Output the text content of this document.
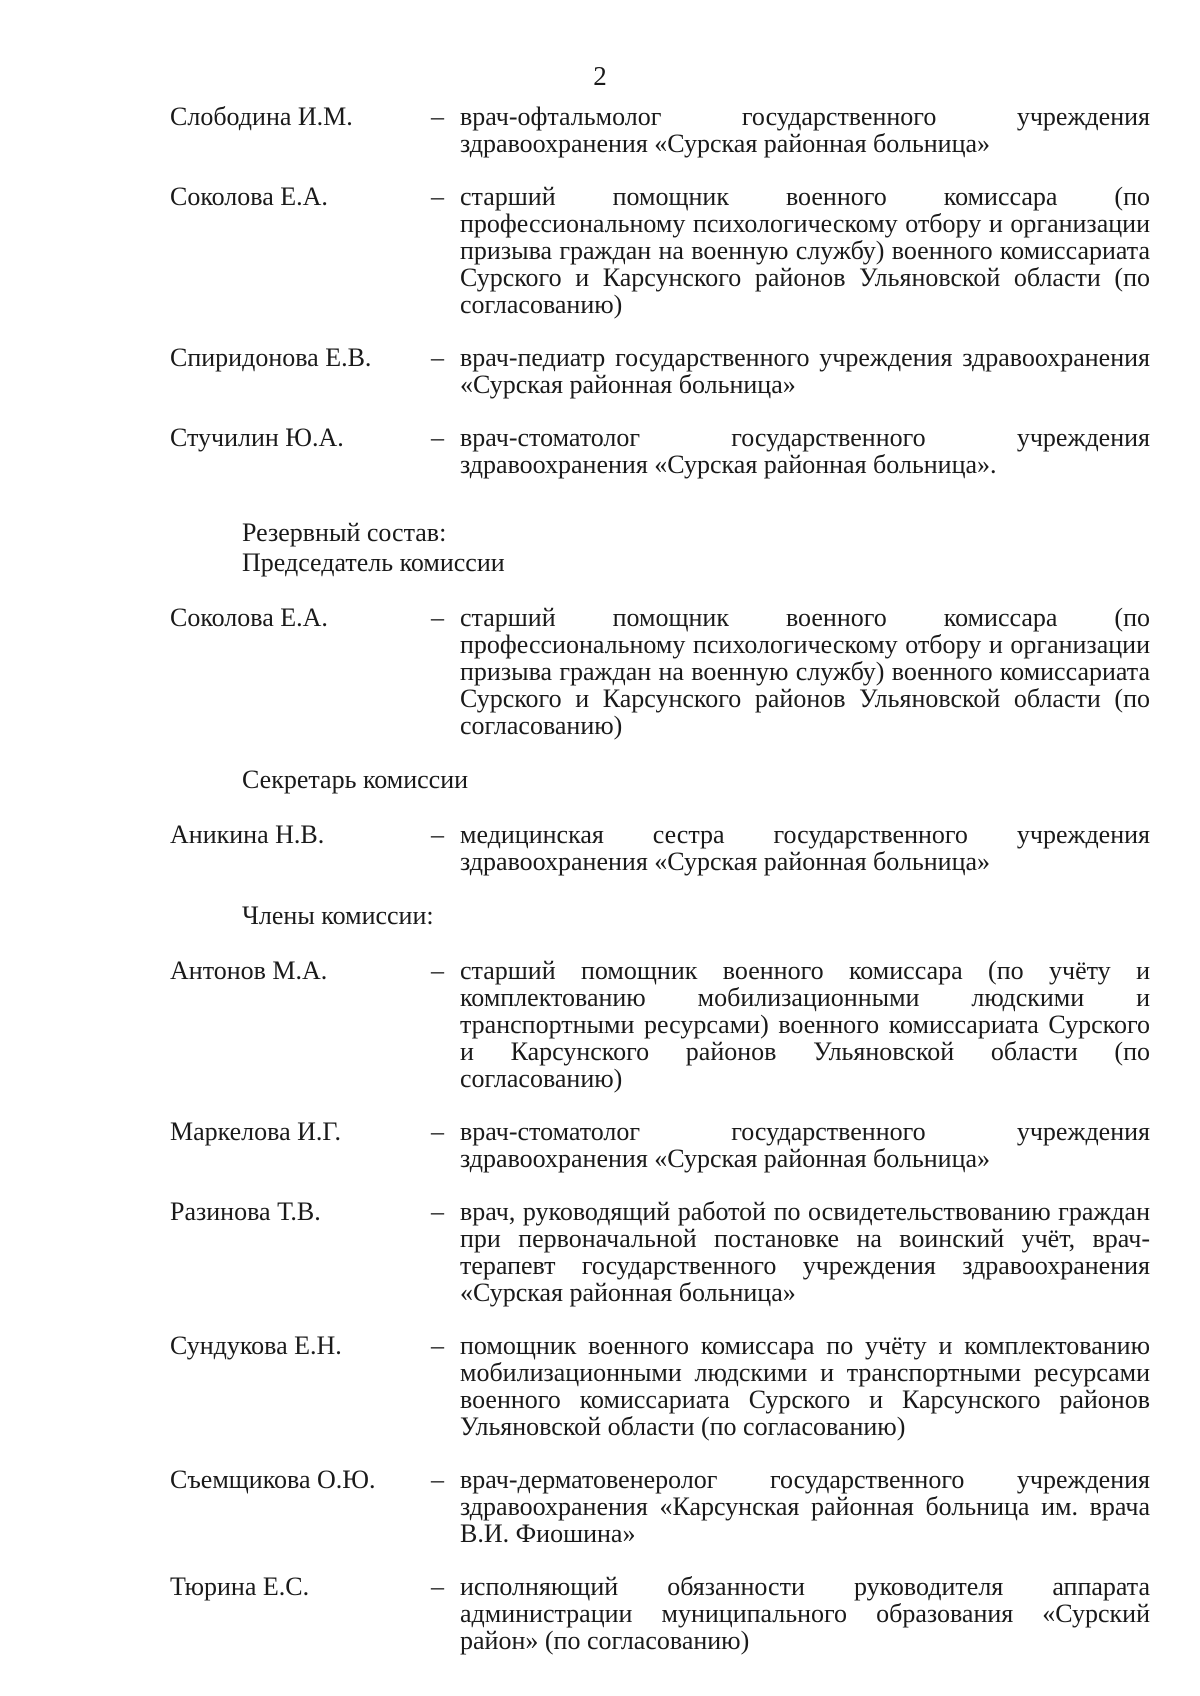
2
Слободина И.М.	– врач-офтальмолог государственного учреждения здравоохранения «Сурская районная больница»
Соколова Е.А.	– старший помощник военного комиссара (по профессиональному психологическому отбору и организации призыва граждан на военную службу) военного комиссариата Сурского и Карсунского районов Ульяновской области (по согласованию)
Спиридонова Е.В.	– врач-педиатр государственного учреждения здравоохранения «Сурская районная больница»
Стучилин Ю.А.	– врач-стоматолог государственного учреждения здравоохранения «Сурская районная больница».
Резервный состав:
Председатель комиссии
Соколова Е.А.	– старший помощник военного комиссара (по профессиональному психологическому отбору и организации призыва граждан на военную службу) военного комиссариата Сурского и Карсунского районов Ульяновской области (по согласованию)
Секретарь комиссии
Аникина Н.В.	– медицинская сестра государственного учреждения здравоохранения «Сурская районная больница»
Члены комиссии:
Антонов М.А.	– старший помощник военного комиссара (по учёту и комплектованию мобилизационными людскими и транспортными ресурсами) военного комиссариата Сурского и Карсунского районов Ульяновской области (по согласованию)
Маркелова И.Г.	– врач-стоматолог государственного учреждения здравоохранения «Сурская районная больница»
Разинова Т.В.	– врач, руководящий работой по освидетельствованию граждан при первоначальной постановке на воинский учёт, врач-терапевт государственного учреждения здравоохранения «Сурская районная больница»
Сундукова Е.Н.	– помощник военного комиссара по учёту и комплектованию мобилизационными людскими и транспортными ресурсами военного комиссариата Сурского и Карсунского районов Ульяновской области (по согласованию)
Съемщикова О.Ю.	– врач-дерматовенеролог государственного учреждения здравоохранения «Карсунская районная больница им. врача В.И. Фиошина»
Тюрина Е.С.	– исполняющий обязанности руководителя аппарата администрации муниципального образования «Сурский район» (по согласованию)
